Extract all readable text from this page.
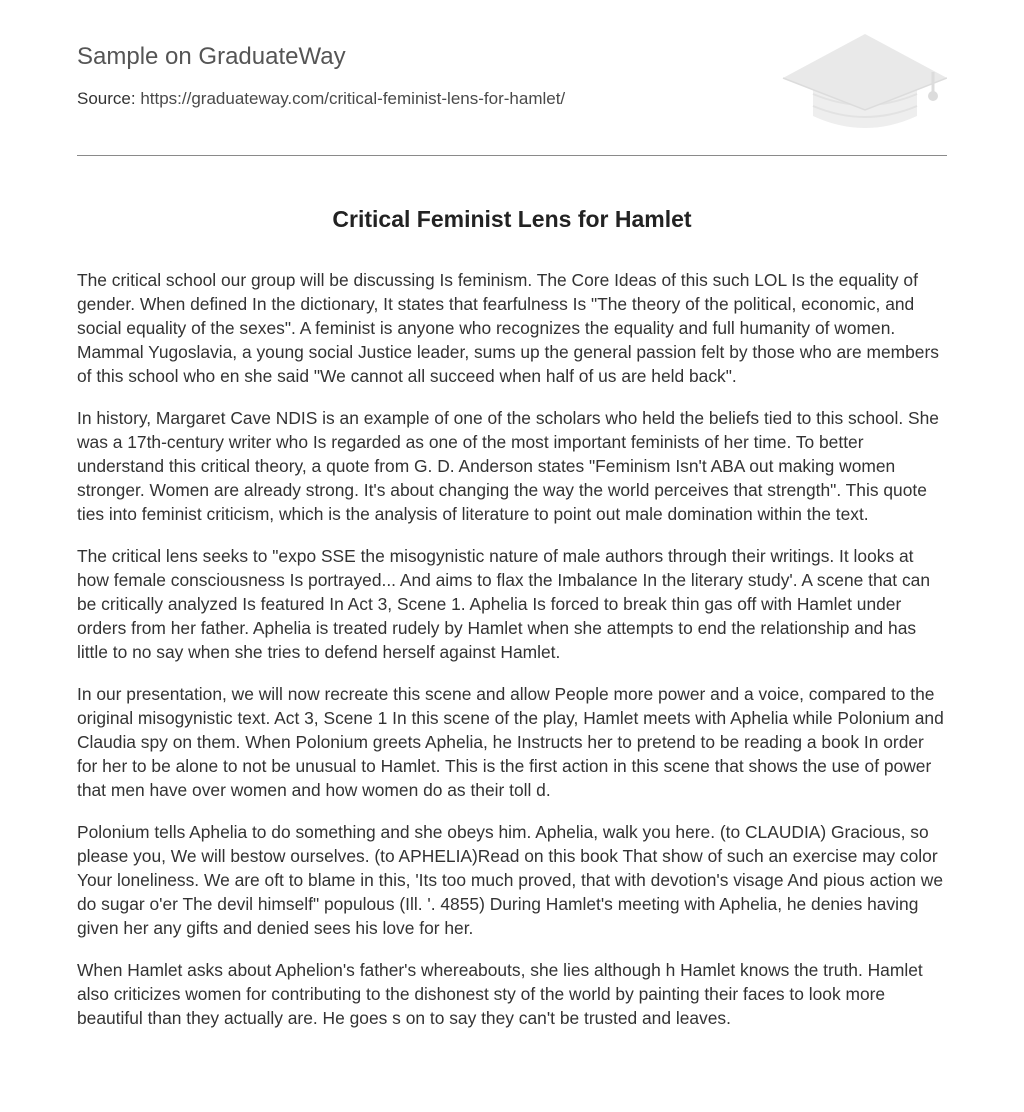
Sample on GraduateWay
Source: https://graduateway.com/critical-feminist-lens-for-hamlet/
Critical Feminist Lens for Hamlet

The critical school our group will be discussing Is feminism. The Core Ideas of this such LOL Is the equality of gender. When defined In the dictionary, It states that fearfulness Is "The theory of the political, economic, and social equality of the sexes". A feminist is anyone who recognizes the equality and full humanity of women. Mammal Yugoslavia, a young social Justice leader, sums up the general passion felt by those who are members of this school who en she said "We cannot all succeed when half of us are held back".

In history, Margaret Cave NDIS is an example of one of the scholars who held the beliefs tied to this school. She was a 17th-century writer who Is regarded as one of the most important feminists of her time. To better understand this critical theory, a quote from G. D. Anderson states "Feminism Isn't ABA out making women stronger. Women are already strong. It's about changing the way the world perceives that strength". This quote ties into feminist criticism, which is the analysis of literature to point out male domination within the text.

The critical lens seeks to "expo SSE the misogynistic nature of male authors through their writings. It looks at how female consciousness Is portrayed... And aims to flax the Imbalance In the literary study'. A scene that can be critically analyzed Is featured In Act 3, Scene 1. Aphelia Is forced to break thin gas off with Hamlet under orders from her father. Aphelia is treated rudely by Hamlet when she attempts to end the relationship and has little to no say when she tries to defend herself against Hamlet.

In our presentation, we will now recreate this scene and allow People more power and a voice, compared to the original misogynistic text. Act 3, Scene 1 In this scene of the play, Hamlet meets with Aphelia while Polonium and Claudia spy on them. When Polonium greets Aphelia, he Instructs her to pretend to be reading a book In order for her to be alone to not be unusual to Hamlet. This is the first action in this scene that shows the use of power that men have over women and how women do as their toll d.

Polonium tells Aphelia to do something and she obeys him. Aphelia, walk you here. (to CLAUDIA) Gracious, so please you, We will bestow ourselves. (to APHELIA)Read on this book That show of such an exercise may color Your loneliness. We are oft to blame in this, 'Its too much proved, that with devotion's visage And pious action we do sugar o'er The devil himself" populous (Ill. '. 4855) During Hamlet's meeting with Aphelia, he denies having given her any gifts and denied sees his love for her.

When Hamlet asks about Aphelion's father's whereabouts, she lies although h Hamlet knows the truth. Hamlet also criticizes women for contributing to the dishonest sty of the world by painting their faces to look more beautiful than they actually are. He goes s on to say they can't be trusted and leaves.
